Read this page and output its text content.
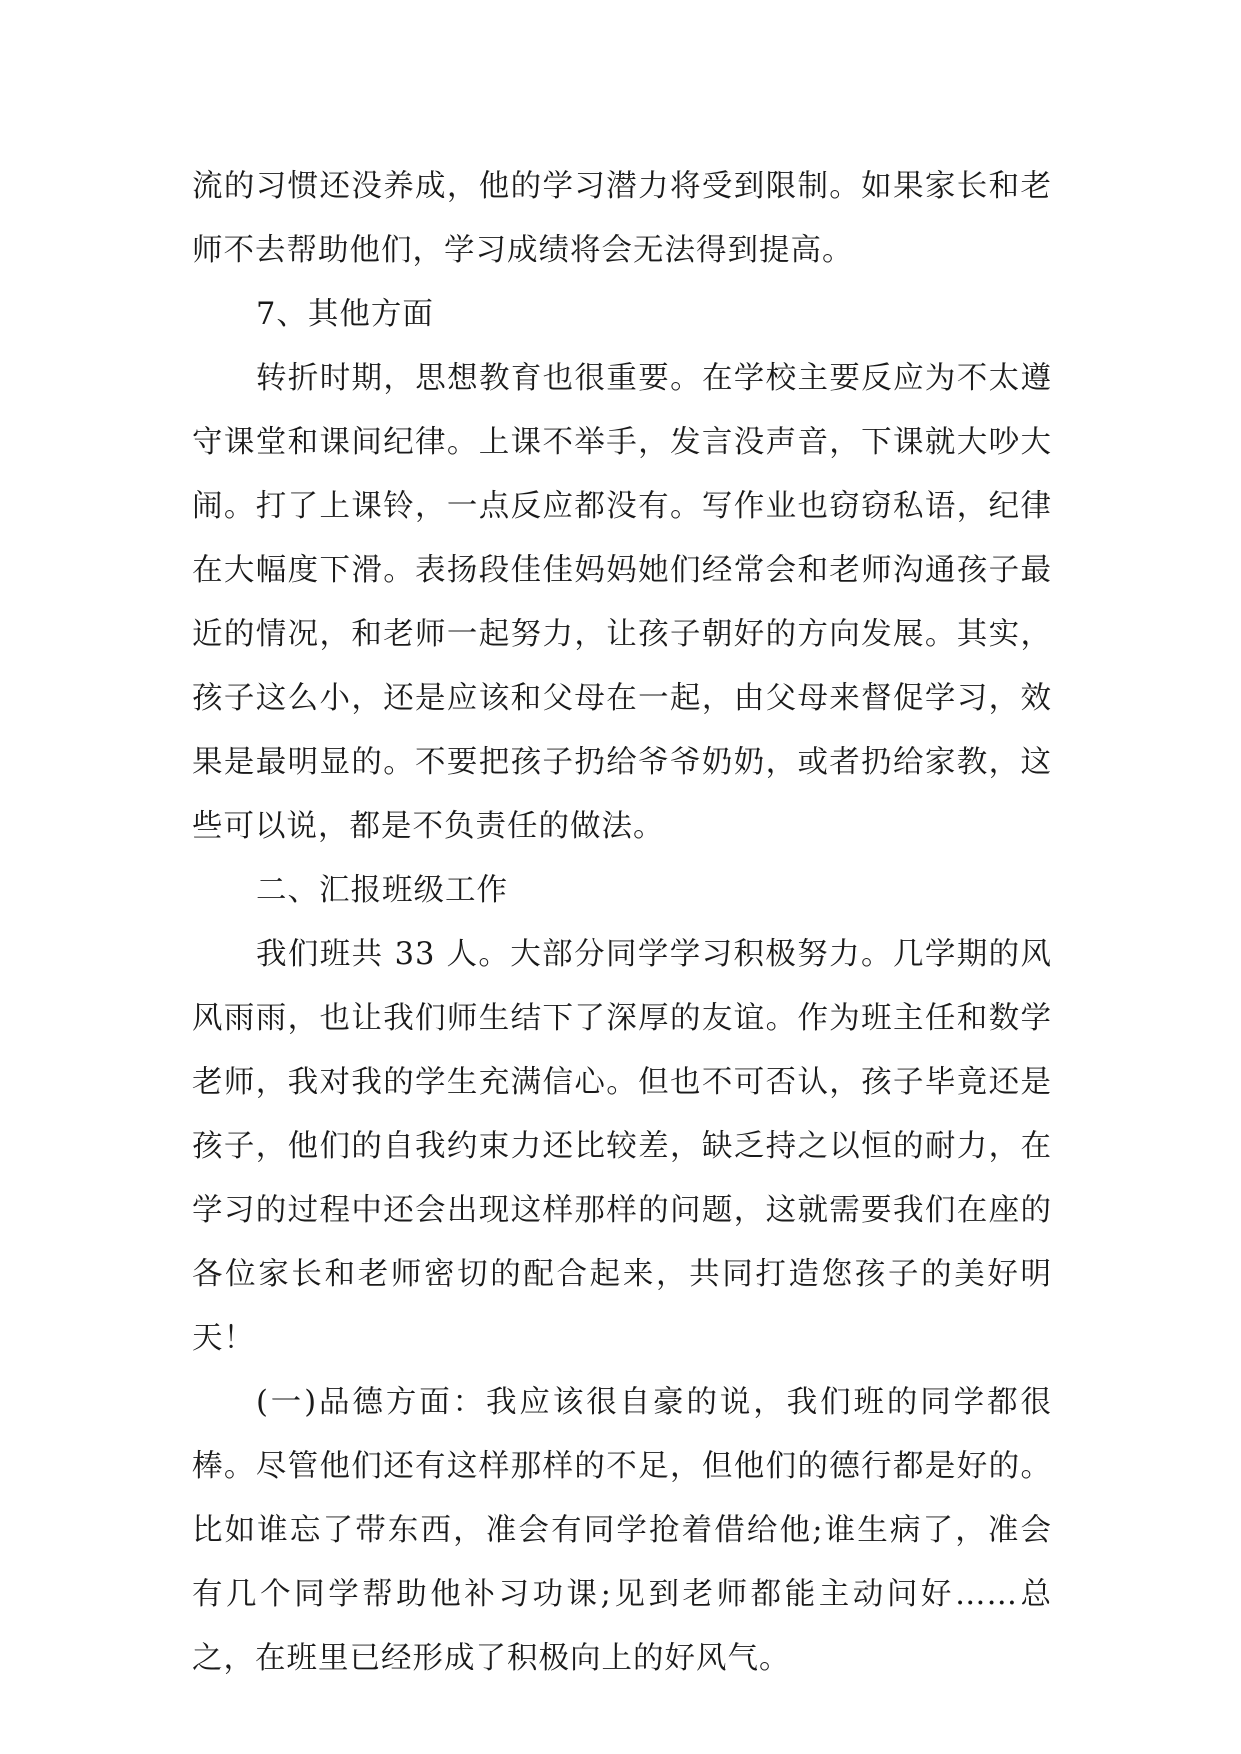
流的习惯还没养成，他的学习潜力将受到限制。如果家长和老师不去帮助他们，学习成绩将会无法得到提高。

7、其他方面

转折时期，思想教育也很重要。在学校主要反应为不太遵守课堂和课间纪律。上课不举手，发言没声音，下课就大吵大闹。打了上课铃，一点反应都没有。写作业也窃窃私语，纪律在大幅度下滑。表扬段佳佳妈妈她们经常会和老师沟通孩子最近的情况，和老师一起努力，让孩子朝好的方向发展。其实，孩子这么小，还是应该和父母在一起，由父母来督促学习，效果是最明显的。不要把孩子扔给爷爷奶奶，或者扔给家教，这些可以说，都是不负责任的做法。

二、汇报班级工作

我们班共 33 人。大部分同学学习积极努力。几学期的风风雨雨，也让我们师生结下了深厚的友谊。作为班主任和数学老师，我对我的学生充满信心。但也不可否认，孩子毕竟还是孩子，他们的自我约束力还比较差，缺乏持之以恒的耐力，在学习的过程中还会出现这样那样的问题，这就需要我们在座的各位家长和老师密切的配合起来，共同打造您孩子的美好明天！

(一)品德方面：我应该很自豪的说，我们班的同学都很棒。尽管他们还有这样那样的不足，但他们的德行都是好的。比如谁忘了带东西，准会有同学抢着借给他;谁生病了，准会有几个同学帮助他补习功课;见到老师都能主动问好……总之，在班里已经形成了积极向上的好风气。
